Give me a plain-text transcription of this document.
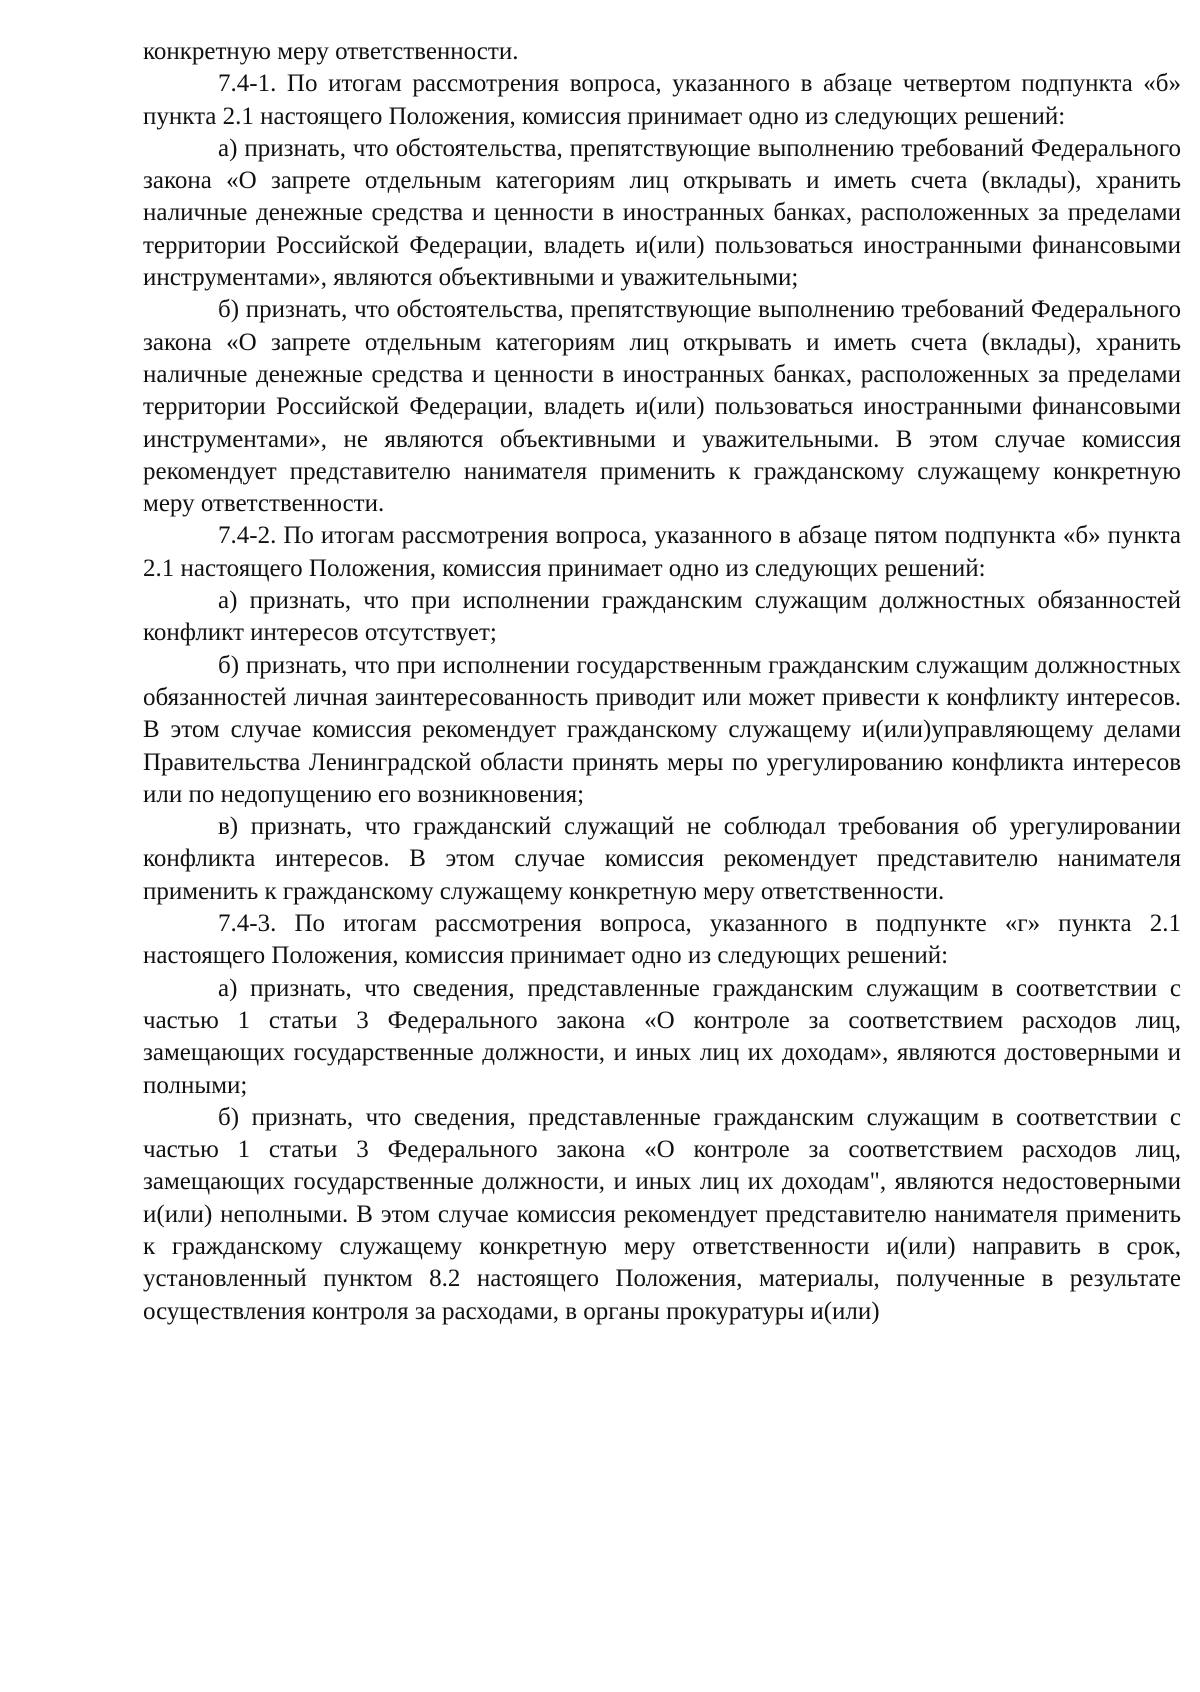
конкретную меру ответственности.

7.4-1. По итогам рассмотрения вопроса, указанного в абзаце четвертом подпункта «б» пункта 2.1 настоящего Положения, комиссия принимает одно из следующих решений:

а) признать, что обстоятельства, препятствующие выполнению требований Федерального закона «О запрете отдельным категориям лиц открывать и иметь счета (вклады), хранить наличные денежные средства и ценности в иностранных банках, расположенных за пределами территории Российской Федерации, владеть и(или) пользоваться иностранными финансовыми инструментами», являются объективными и уважительными;

б) признать, что обстоятельства, препятствующие выполнению требований Федерального закона «О запрете отдельным категориям лиц открывать и иметь счета (вклады), хранить наличные денежные средства и ценности в иностранных банках, расположенных за пределами территории Российской Федерации, владеть и(или) пользоваться иностранными финансовыми инструментами», не являются объективными и уважительными. В этом случае комиссия рекомендует представителю нанимателя применить к гражданскому служащему конкретную меру ответственности.

7.4-2. По итогам рассмотрения вопроса, указанного в абзаце пятом подпункта «б» пункта 2.1 настоящего Положения, комиссия принимает одно из следующих решений:

а) признать, что при исполнении гражданским служащим должностных обязанностей конфликт интересов отсутствует;

б) признать, что при исполнении государственным гражданским служащим должностных обязанностей личная заинтересованность приводит или может привести к конфликту интересов. В этом случае комиссия рекомендует гражданскому служащему и(или)управляющему делами Правительства Ленинградской области принять меры по урегулированию конфликта интересов или по недопущению его возникновения;

в) признать, что гражданский служащий не соблюдал требования об урегулировании конфликта интересов. В этом случае комиссия рекомендует представителю нанимателя применить к гражданскому служащему конкретную меру ответственности.

7.4-3. По итогам рассмотрения вопроса, указанного в подпункте «г» пункта 2.1 настоящего Положения, комиссия принимает одно из следующих решений:

а) признать, что сведения, представленные гражданским служащим в соответствии с частью 1 статьи 3 Федерального закона «О контроле за соответствием расходов лиц, замещающих государственные должности, и иных лиц их доходам», являются достоверными и полными;

б) признать, что сведения, представленные гражданским служащим в соответствии с частью 1 статьи 3 Федерального закона «О контроле за соответствием расходов лиц, замещающих государственные должности, и иных лиц их доходам", являются недостоверными и(или) неполными. В этом случае комиссия рекомендует представителю нанимателя применить к гражданскому служащему конкретную меру ответственности и(или) направить в срок, установленный пунктом 8.2 настоящего Положения, материалы, полученные в результате осуществления контроля за расходами, в органы прокуратуры и(или)
